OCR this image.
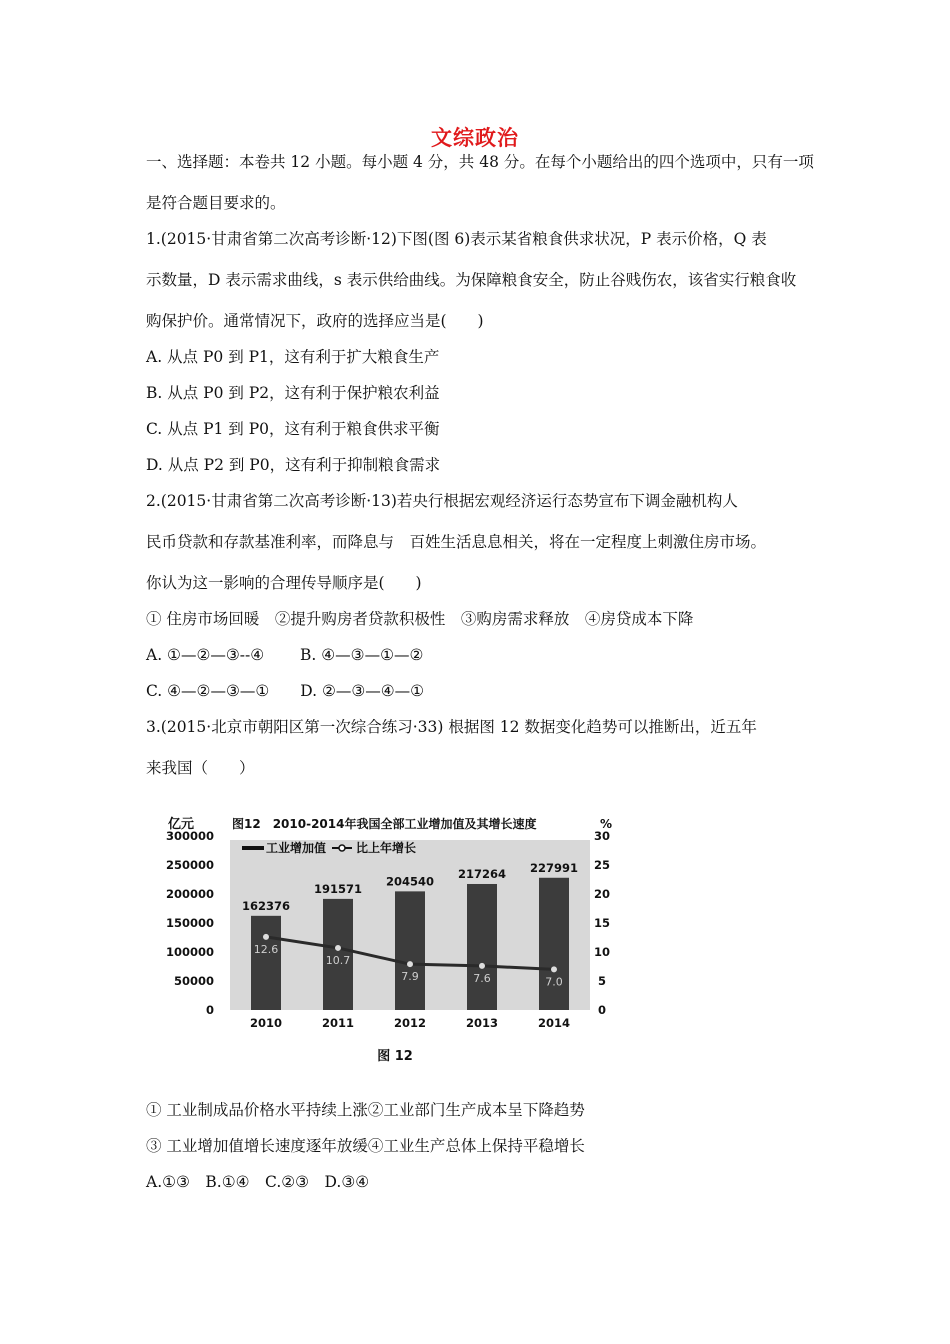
文综政治
一、选择题：本卷共 12 小题。每小题 4 分，共 48 分。在每个小题给出的四个选项中，只有一项
是符合题目要求的。
1.(2015·甘肃省第二次高考诊断·12)下图(图 6)表示某省粮食供求状况，P 表示价格，Q 表
示数量，D 表示需求曲线，s 表示供给曲线。为保障粮食安全，防止谷贱伤农，该省实行粮食收
购保护价。通常情况下，政府的选择应当是(　　)
A. 从点 P0 到 P1，这有利于扩大粮食生产
B. 从点 P0 到 P2，这有利于保护粮农利益
C. 从点 P1 到 P0，这有利于粮食供求平衡
D. 从点 P2 到 P0，这有利于抑制粮食需求
2.(2015·甘肃省第二次高考诊断·13)若央行根据宏观经济运行态势宣布下调金融机构人
民币贷款和存款基准利率，而降息与　百姓生活息息相关，将在一定程度上刺激住房市场。
你认为这一影响的合理传导顺序是(　　)
① 住房市场回暖　②提升购房者贷款积极性　③购房需求释放　④房贷成本下降
A. ①—②—③--④　　 B. ④—③—①—②
C. ④—②—③—①　　D. ②—③—④—①
3.(2015·北京市朝阳区第一次综合练习·33) 根据图 12 数据变化趋势可以推断出，近五年
来我国（　　）
图12　2010-2014年我国全部工业增加值及其增长速度
亿元	%
0
50000
100000
150000
200000
250000
300000
0
5
10
15
20
25
30
工业增加值 比上年增长
162376
2010
191571
2011
204540
2012
217264
2013
227991
2014
12.6
10.7
7.9	7.6	7.0
图 12
① 工业制成品价格水平持续上涨②工业部门生产成本呈下降趋势
③ 工业增加值增长速度逐年放缓④工业生产总体上保持平稳增长
A.①③　B.①④　C.②③　D.③④
